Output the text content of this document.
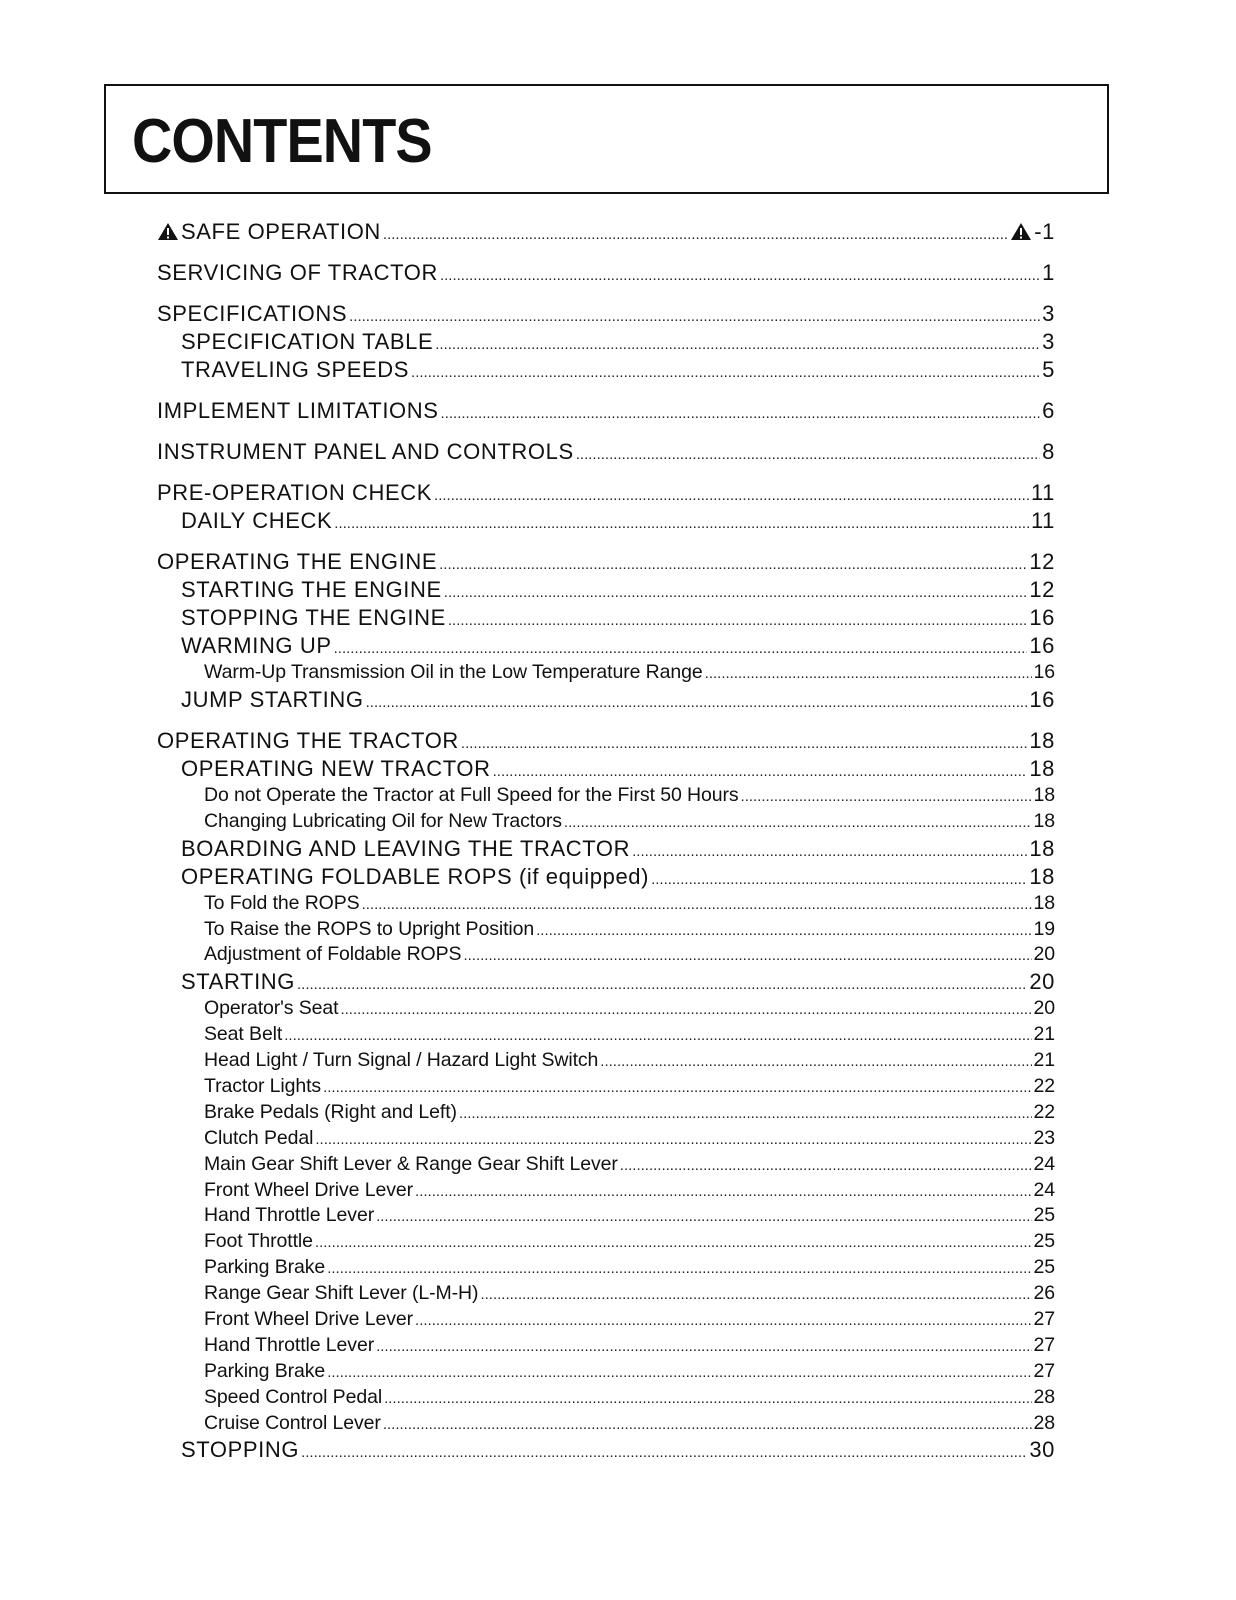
CONTENTS
SAFE OPERATION .....	-1
SERVICING OF TRACTOR .....	1
SPECIFICATIONS .....	3
SPECIFICATION TABLE .....	3
TRAVELING SPEEDS .....	5
IMPLEMENT LIMITATIONS .....	6
INSTRUMENT PANEL AND CONTROLS .....	8
PRE-OPERATION CHECK .....	11
DAILY CHECK .....	11
OPERATING THE ENGINE .....	12
STARTING THE ENGINE .....	12
STOPPING THE ENGINE .....	16
WARMING UP .....	16
Warm-Up Transmission Oil in the Low Temperature Range .....	16
JUMP STARTING .....	16
OPERATING THE TRACTOR .....	18
OPERATING NEW TRACTOR .....	18
Do not Operate the Tractor at Full Speed for the First 50 Hours .....	18
Changing Lubricating Oil for New Tractors .....	18
BOARDING AND LEAVING THE TRACTOR .....	18
OPERATING FOLDABLE ROPS (if equipped) .....	18
To Fold the ROPS .....	18
To Raise the ROPS to Upright Position .....	19
Adjustment of Foldable ROPS .....	20
STARTING .....	20
Operator's Seat .....	20
Seat Belt .....	21
Head Light / Turn Signal / Hazard Light Switch .....	21
Tractor Lights .....	22
Brake Pedals (Right and Left) .....	22
Clutch Pedal .....	23
Main Gear Shift Lever & Range Gear Shift Lever .....	24
Front Wheel Drive Lever .....	24
Hand Throttle Lever .....	25
Foot Throttle .....	25
Parking Brake .....	25
Range Gear Shift Lever (L-M-H) .....	26
Front Wheel Drive Lever .....	27
Hand Throttle Lever .....	27
Parking Brake .....	27
Speed Control Pedal .....	28
Cruise Control Lever .....	28
STOPPING .....	30
